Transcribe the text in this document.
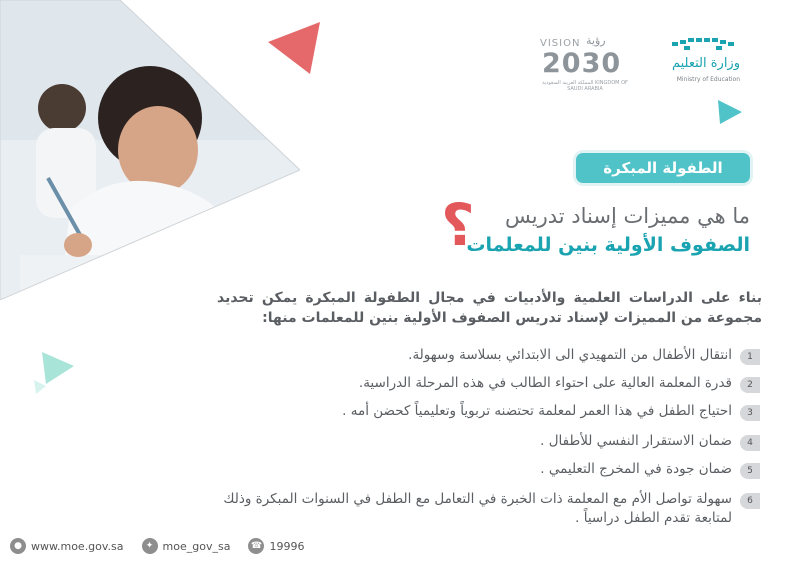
VISION رؤية
2030
المملكة العربية السعودية KINGDOM OF SAUDI ARABIA
وزارة التعليم
Ministry of Education
الطفولة المبكرة
؟ ما هي مميزات إسناد تدريس
الصفوف الأولية بنين للمعلمات
بناء على الدراسات العلمية والأدبيات في مجال الطفولة المبكرة يمكن تحديد مجموعة من المميزات لإسناد تدريس الصفوف الأولية بنين للمعلمات منها:
1
انتقال الأطفال من التمهيدي الى الابتدائي بسلاسة وسهولة.
2
قدرة المعلمة العالية على احتواء الطالب في هذه المرحلة الدراسية.
3
احتياج الطفل في هذا العمر لمعلمة تحتضنه تربوياً وتعليمياً كحضن أمه .
4
ضمان الاستقرار النفسي للأطفال .
5
ضمان جودة في المخرج التعليمي .
6
سهولة تواصل الأم مع المعلمة ذات الخبرة في التعامل مع الطفل في السنوات المبكرة وذلك لمتابعة تقدم الطفل دراسياً .
● www.moe.gov.sa	✦ moe_gov_sa ☎ 19996
